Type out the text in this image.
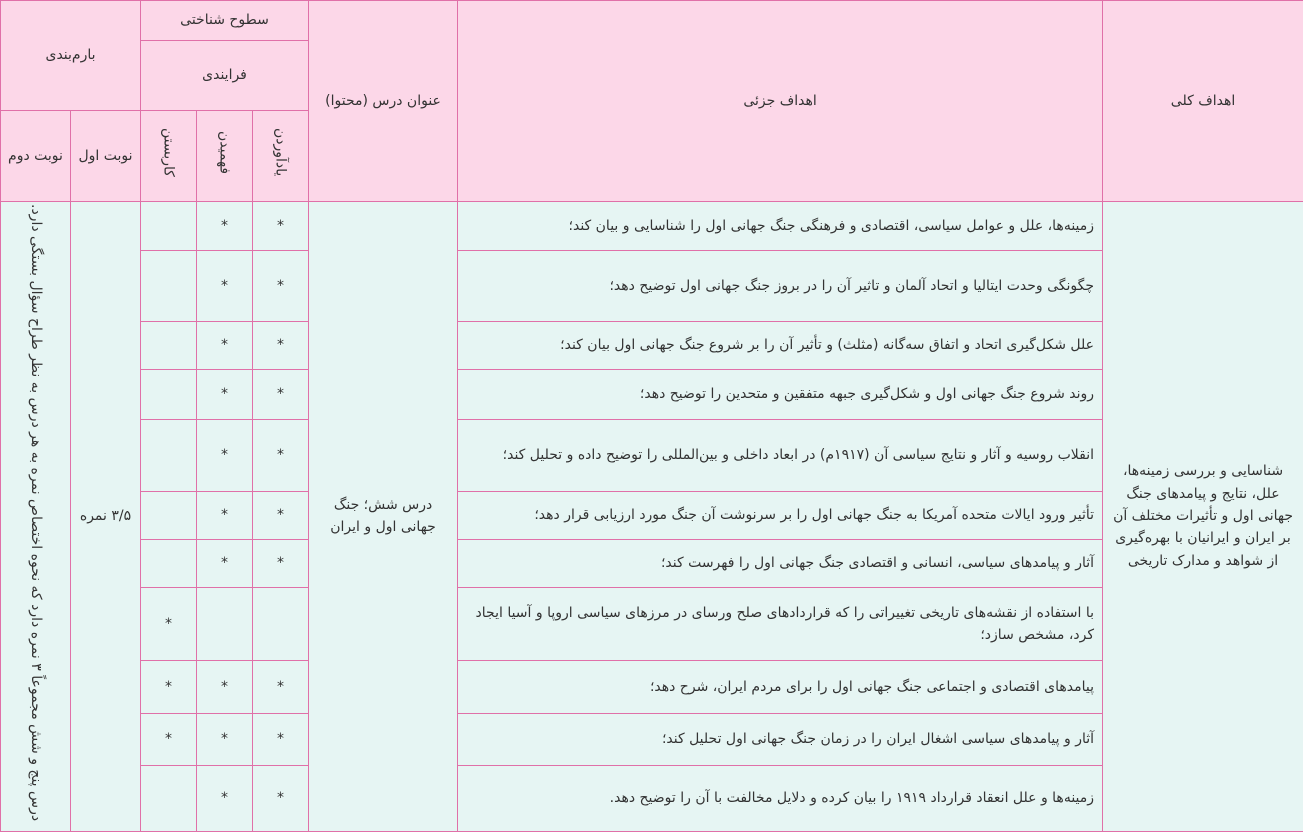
اهداف کلی	اهداف جزئی	عنوان درس (محتوا)	سطوح شناختی			بارم‌بندی	
			فرایندی				
			یادآوردن	فهمیدن	کاربستن	نوبت اول	نوبت دوم
شناسایی و بررسی زمینه‌ها، علل، نتایج و پیامدهای جنگ جهانی اول و تأثیرات مختلف آن بر ایران و ایرانیان با بهره‌گیری از شواهد و مدارک تاریخی	زمینه‌ها، علل و عوامل سیاسی، اقتصادی و فرهنگی جنگ جهانی اول را شناسایی و بیان کند؛	درس شش؛ جنگ جهانی اول و ایران	*	*		۳/۵ نمره	درس پنج و شش مجموعاً ۳ نمره دارد که نحوه اختصاص نمره به هر درس به نظر طراح سؤال بستگی دارد.
	چگونگی وحدت ایتالیا و اتحاد آلمان و تاثیر آن را در بروز جنگ جهانی اول توضیح دهد؛		*	*			
	علل شکل‌گیری اتحاد و اتفاق سه‌گانه (مثلث) و تأثیر آن را بر شروع جنگ جهانی اول بیان کند؛		*	*			
	روند شروع جنگ جهانی اول و شکل‌گیری جبهه متفقین و متحدین را توضیح دهد؛		*	*			
	انقلاب روسیه و آثار و نتایج سیاسی آن (۱۹۱۷م) در ابعاد داخلی و بین‌المللی را توضیح داده و تحلیل کند؛		*	*			
	تأثیر ورود ایالات متحده آمریکا به جنگ جهانی اول را بر سرنوشت آن جنگ مورد ارزیابی قرار دهد؛		*	*			
	آثار و پیامدهای سیاسی، انسانی و اقتصادی جنگ جهانی اول را فهرست کند؛		*	*			
	با استفاده از نقشه‌های تاریخی تغییراتی را که قراردادهای صلح ورسای در مرزهای سیاسی اروپا و آسیا ایجاد کرد، مشخص سازد؛				*		
	پیامدهای اقتصادی و اجتماعی جنگ جهانی اول را برای مردم ایران، شرح دهد؛		*	*	*		
	آثار و پیامدهای سیاسی اشغال ایران را در زمان جنگ جهانی اول تحلیل کند؛		*	*	*		
	زمینه‌ها و علل انعقاد قرارداد ۱۹۱۹ را بیان کرده و دلایل مخالفت با آن را توضیح دهد.		*	*			
